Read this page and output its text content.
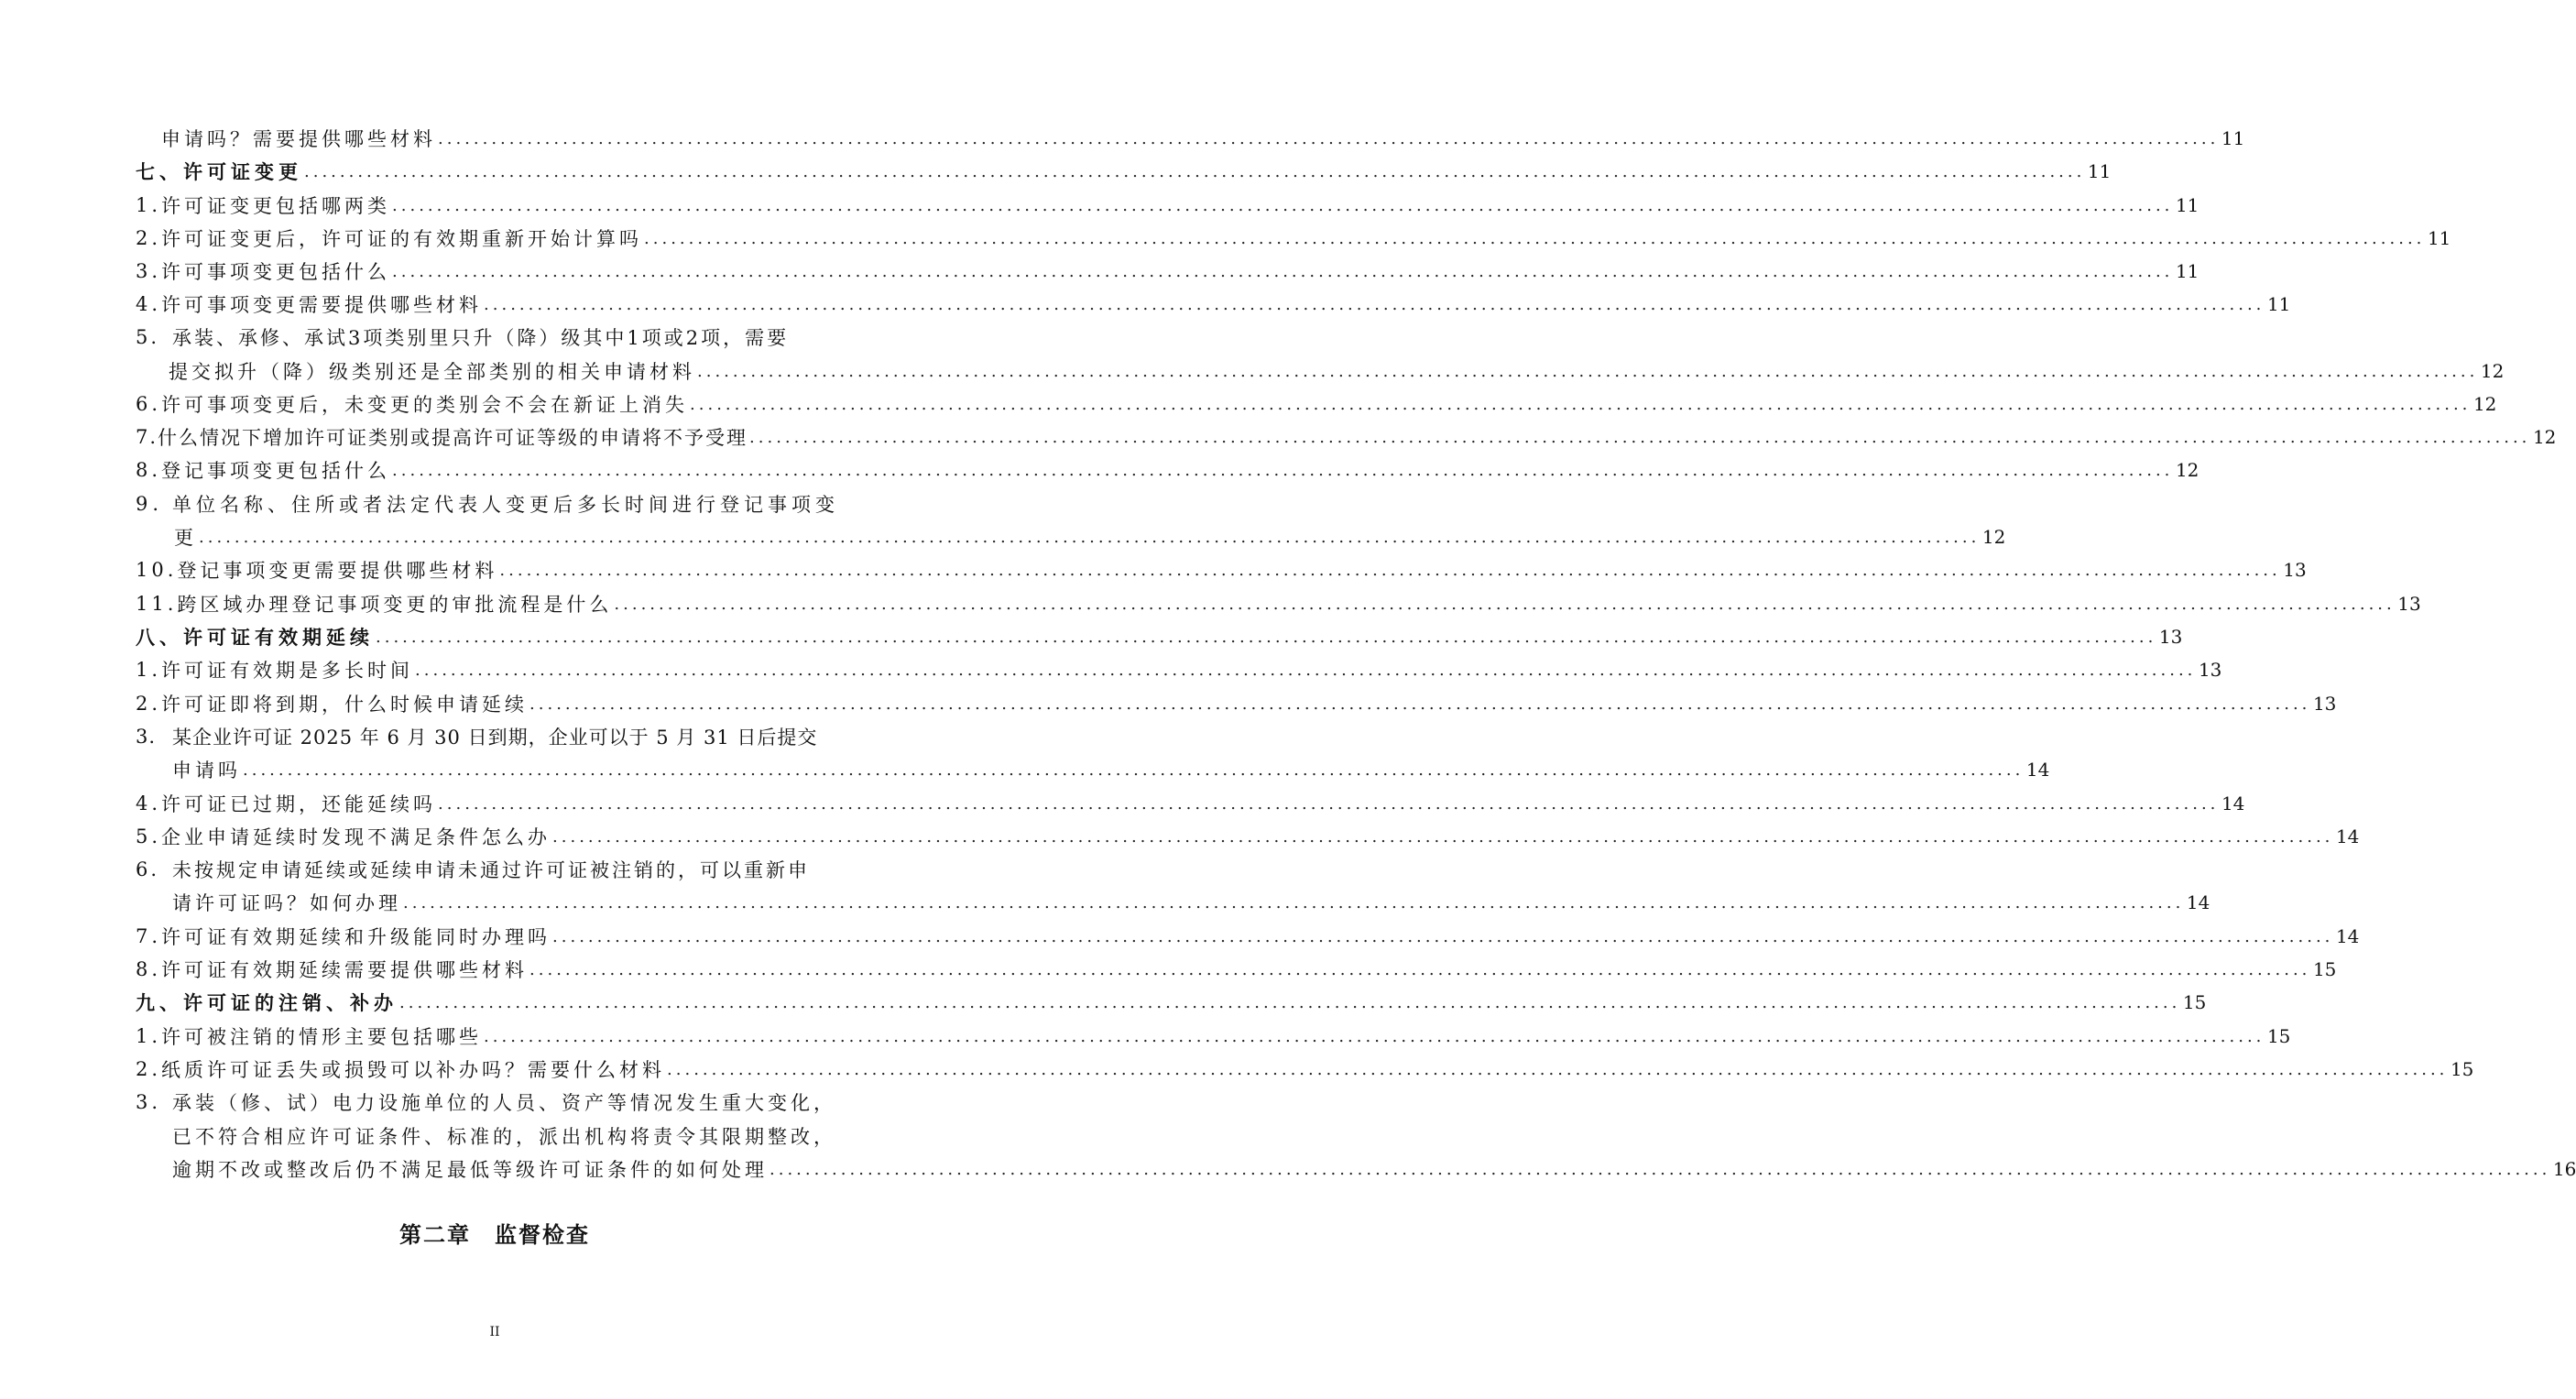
申请吗？需要提供哪些材料 ........................................................................................................................................................................................................ 11
七、许可证变更 ........................................................................................................................................................................................................ 11
1. 许可证变更包括哪两类 ........................................................................................................................................................................................................ 11
2. 许可证变更后，许可证的有效期重新开始计算吗 ........................................................................................................................................................................................................ 11
3. 许可事项变更包括什么 ........................................................................................................................................................................................................ 11
4. 许可事项变更需要提供哪些材料 ........................................................................................................................................................................................................ 11
5. 承装、承修、承试3项类别里只升（降）级其中1项或2项，需要
提交拟升（降）级类别还是全部类别的相关申请材料 ........................................................................................................................................................................................................ 12
6. 许可事项变更后，未变更的类别会不会在新证上消失 ........................................................................................................................................................................................................ 12
7. 什么情况下增加许可证类别或提高许可证等级的申请将不予受理 ........................................................................................................................................................................................................ 12
8. 登记事项变更包括什么 ........................................................................................................................................................................................................ 12
9. 单位名称、住所或者法定代表人变更后多长时间进行登记事项变
更 ........................................................................................................................................................................................................ 12
10. 登记事项变更需要提供哪些材料 ........................................................................................................................................................................................................ 13
11. 跨区域办理登记事项变更的审批流程是什么 ........................................................................................................................................................................................................ 13
八、许可证有效期延续 ........................................................................................................................................................................................................ 13
1. 许可证有效期是多长时间 ........................................................................................................................................................................................................ 13
2. 许可证即将到期，什么时候申请延续 ........................................................................................................................................................................................................ 13
3. 某企业许可证 2025 年 6 月 30 日到期，企业可以于 5 月 31 日后提交
申请吗 ........................................................................................................................................................................................................ 14
4. 许可证已过期，还能延续吗 ........................................................................................................................................................................................................ 14
5. 企业申请延续时发现不满足条件怎么办 ........................................................................................................................................................................................................ 14
6. 未按规定申请延续或延续申请未通过许可证被注销的，可以重新申
请许可证吗？如何办理 ........................................................................................................................................................................................................ 14
7. 许可证有效期延续和升级能同时办理吗 ........................................................................................................................................................................................................ 14
8. 许可证有效期延续需要提供哪些材料 ........................................................................................................................................................................................................ 15
九、许可证的注销、补办 ........................................................................................................................................................................................................ 15
1. 许可被注销的情形主要包括哪些 ........................................................................................................................................................................................................ 15
2. 纸质许可证丢失或损毁可以补办吗？需要什么材料 ........................................................................................................................................................................................................ 15
3. 承装（修、试）电力设施单位的人员、资产等情况发生重大变化，
已不符合相应许可证条件、标准的，派出机构将责令其限期整改，
逾期不改或整改后仍不满足最低等级许可证条件的如何处理 ........................................................................................................................................................................................................ 16
第二章　监督检查
II
